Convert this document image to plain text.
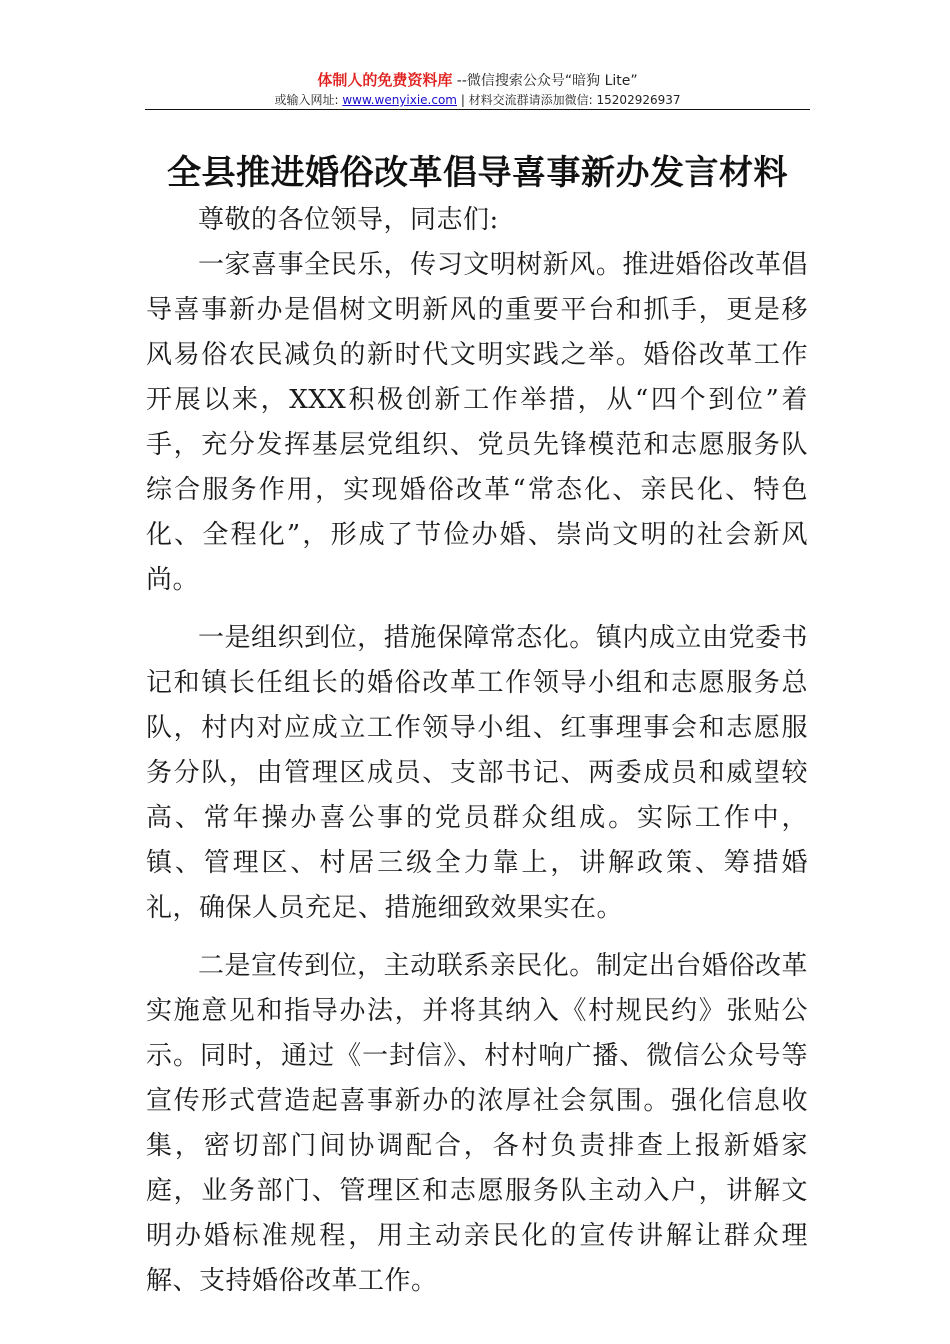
体制人的免费资料库 --微信搜索公众号“暗狗 Lite”
或输入网址: www.wenyixie.com | 材料交流群请添加微信: 15202926937
全县推进婚俗改革倡导喜事新办发言材料

尊敬的各位领导，同志们:

一家喜事全民乐，传习文明树新风。推进婚俗改革倡导喜事新办是倡树文明新风的重要平台和抓手，更是移风易俗农民减负的新时代文明实践之举。婚俗改革工作开展以来，XXX积极创新工作举措，从“四个到位”着手，充分发挥基层党组织、党员先锋模范和志愿服务队综合服务作用，实现婚俗改革“常态化、亲民化、特色化、全程化”，形成了节俭办婚、崇尚文明的社会新风尚。

一是组织到位，措施保障常态化。镇内成立由党委书记和镇长任组长的婚俗改革工作领导小组和志愿服务总队，村内对应成立工作领导小组、红事理事会和志愿服务分队，由管理区成员、支部书记、两委成员和威望较高、常年操办喜公事的党员群众组成。实际工作中，镇、管理区、村居三级全力靠上，讲解政策、筹措婚礼，确保人员充足、措施细致效果实在。

二是宣传到位，主动联系亲民化。制定出台婚俗改革实施意见和指导办法，并将其纳入《村规民约》张贴公示。同时，通过《一封信》、村村响广播、微信公众号等宣传形式营造起喜事新办的浓厚社会氛围。强化信息收集，密切部门间协调配合，各村负责排查上报新婚家庭，业务部门、管理区和志愿服务队主动入户，讲解文明办婚标准规程，用主动亲民化的宣传讲解让群众理解、支持婚俗改革工作。
